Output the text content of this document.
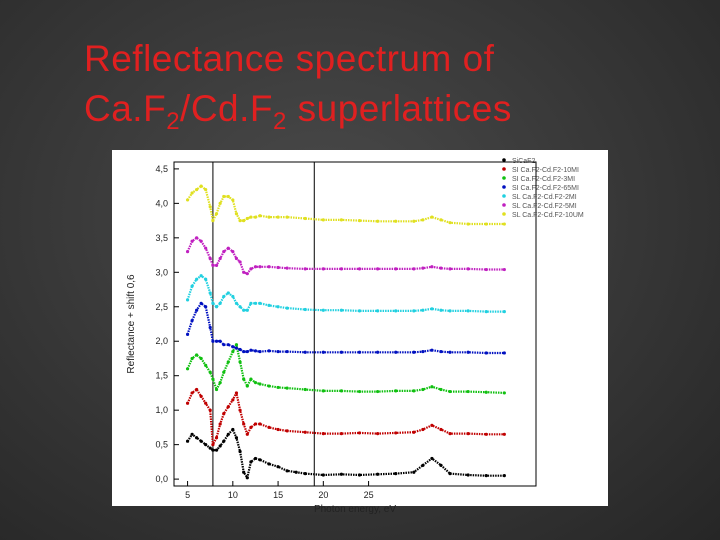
Reflectance spectrum of
$Ca.F_2/Cd.F_2$ superlattices
0,0
0,5
1,0
1,5
2,0
2,5
3,0
3,5
4,0
4,5
5	10	15	20	25
Photon energy, eV
Reflectance + shift 0,6
SiCaF2
SI Ca.F2-Cd.F2-10MI
SI Ca.F2-Cd.F2-3MI
SI Ca.F2-Cd.F2-65MI
SL Ca.F2-Cd.F2-2MI
SL Ca.F2-Cd.F2-5MI
SL Ca.F2-Cd.F2-10UM
